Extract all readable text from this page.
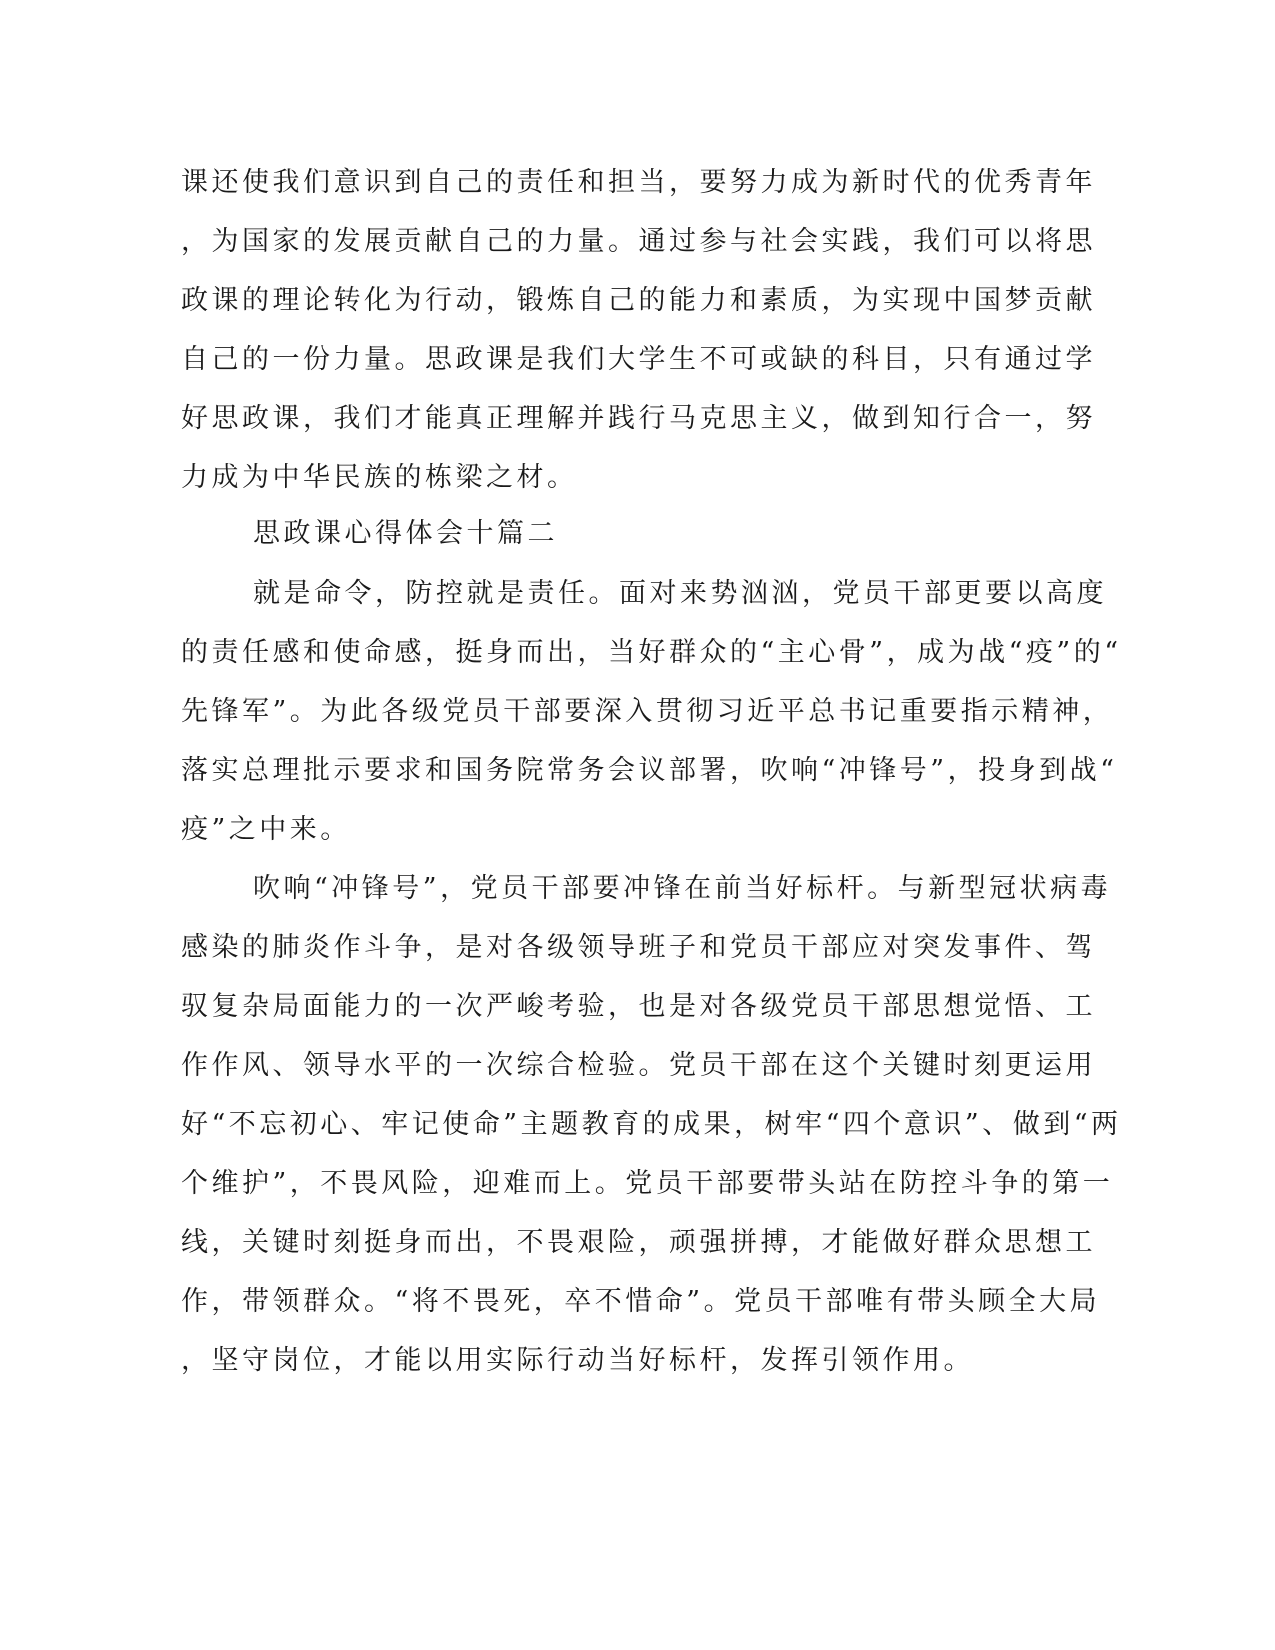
课还使我们意识到自己的责任和担当，要努力成为新时代的优秀青年
，为国家的发展贡献自己的力量。通过参与社会实践，我们可以将思
政课的理论转化为行动，锻炼自己的能力和素质，为实现中国梦贡献
自己的一份力量。思政课是我们大学生不可或缺的科目，只有通过学
好思政课，我们才能真正理解并践行马克思主义，做到知行合一，努
力成为中华民族的栋梁之材。
思政课心得体会十篇二
就是命令，防控就是责任。面对来势汹汹，党员干部更要以高度
的责任感和使命感，挺身而出，当好群众的“主心骨”，成为战“疫”的“
先锋军”。为此各级党员干部要深入贯彻习近平总书记重要指示精神，
落实总理批示要求和国务院常务会议部署，吹响“冲锋号”，投身到战“
疫”之中来。
吹响“冲锋号”，党员干部要冲锋在前当好标杆。与新型冠状病毒
感染的肺炎作斗争，是对各级领导班子和党员干部应对突发事件、驾
驭复杂局面能力的一次严峻考验，也是对各级党员干部思想觉悟、工
作作风、领导水平的一次综合检验。党员干部在这个关键时刻更运用
好“不忘初心、牢记使命”主题教育的成果，树牢“四个意识”、做到“两
个维护”，不畏风险，迎难而上。党员干部要带头站在防控斗争的第一
线，关键时刻挺身而出，不畏艰险，顽强拼搏，才能做好群众思想工
作，带领群众。“将不畏死，卒不惜命”。党员干部唯有带头顾全大局
，坚守岗位，才能以用实际行动当好标杆，发挥引领作用。
